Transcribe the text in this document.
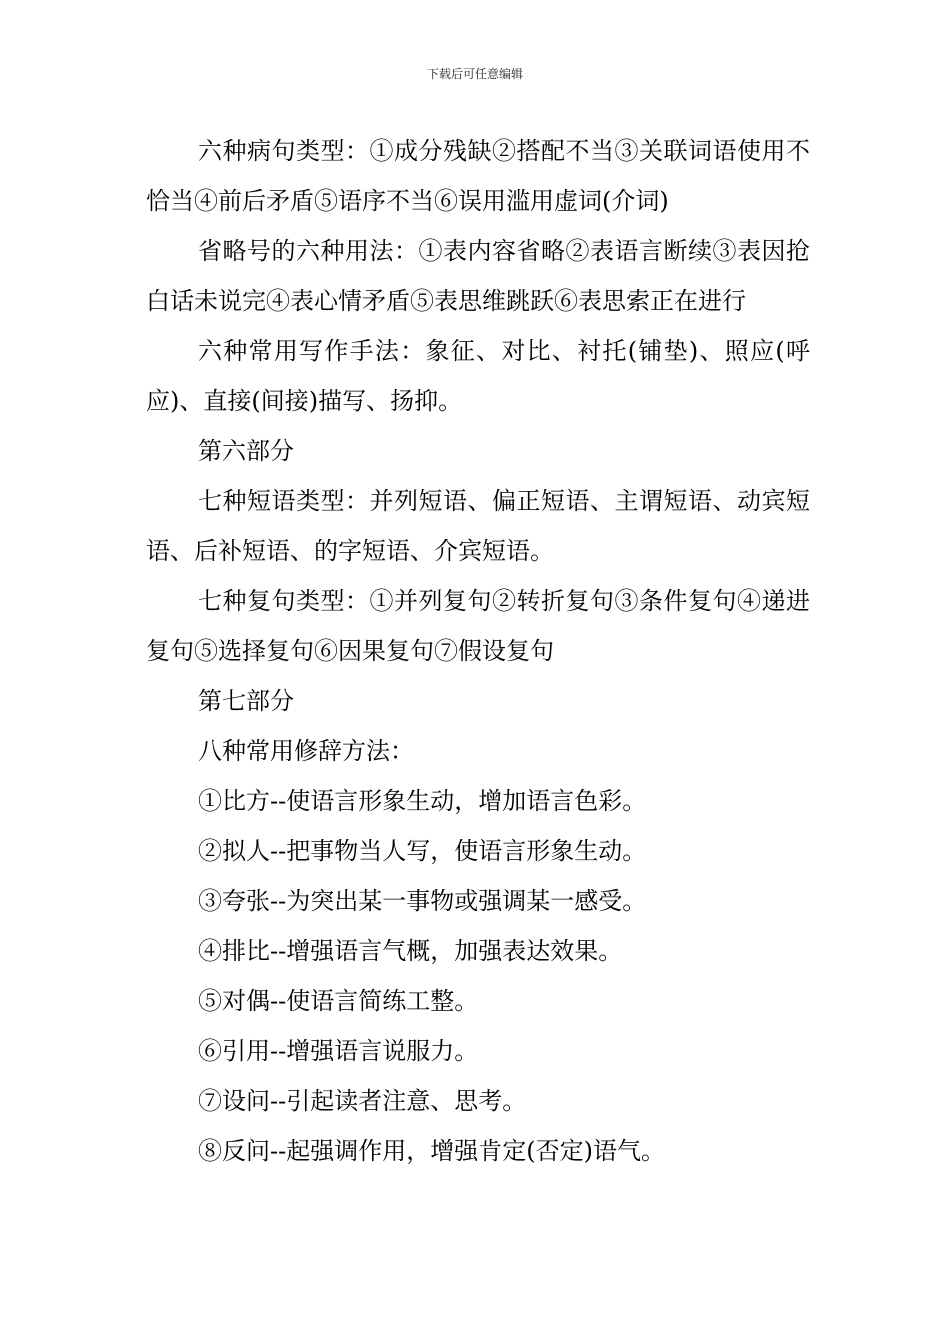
下载后可任意编辑

六种病句类型：①成分残缺②搭配不当③关联词语使用不恰当④前后矛盾⑤语序不当⑥误用滥用虚词(介词)

省略号的六种用法：①表内容省略②表语言断续③表因抢白话未说完④表心情矛盾⑤表思维跳跃⑥表思索正在进行

六种常用写作手法：象征、对比、衬托(铺垫)、照应(呼应)、直接(间接)描写、扬抑。

第六部分

七种短语类型：并列短语、偏正短语、主谓短语、动宾短语、后补短语、的字短语、介宾短语。

七种复句类型：①并列复句②转折复句③条件复句④递进复句⑤选择复句⑥因果复句⑦假设复句

第七部分

八种常用修辞方法：

①比方--使语言形象生动，增加语言色彩。

②拟人--把事物当人写，使语言形象生动。

③夸张--为突出某一事物或强调某一感受。

④排比--增强语言气概，加强表达效果。

⑤对偶--使语言简练工整。

⑥引用--增强语言说服力。

⑦设问--引起读者注意、思考。

⑧反问--起强调作用，增强肯定(否定)语气。
